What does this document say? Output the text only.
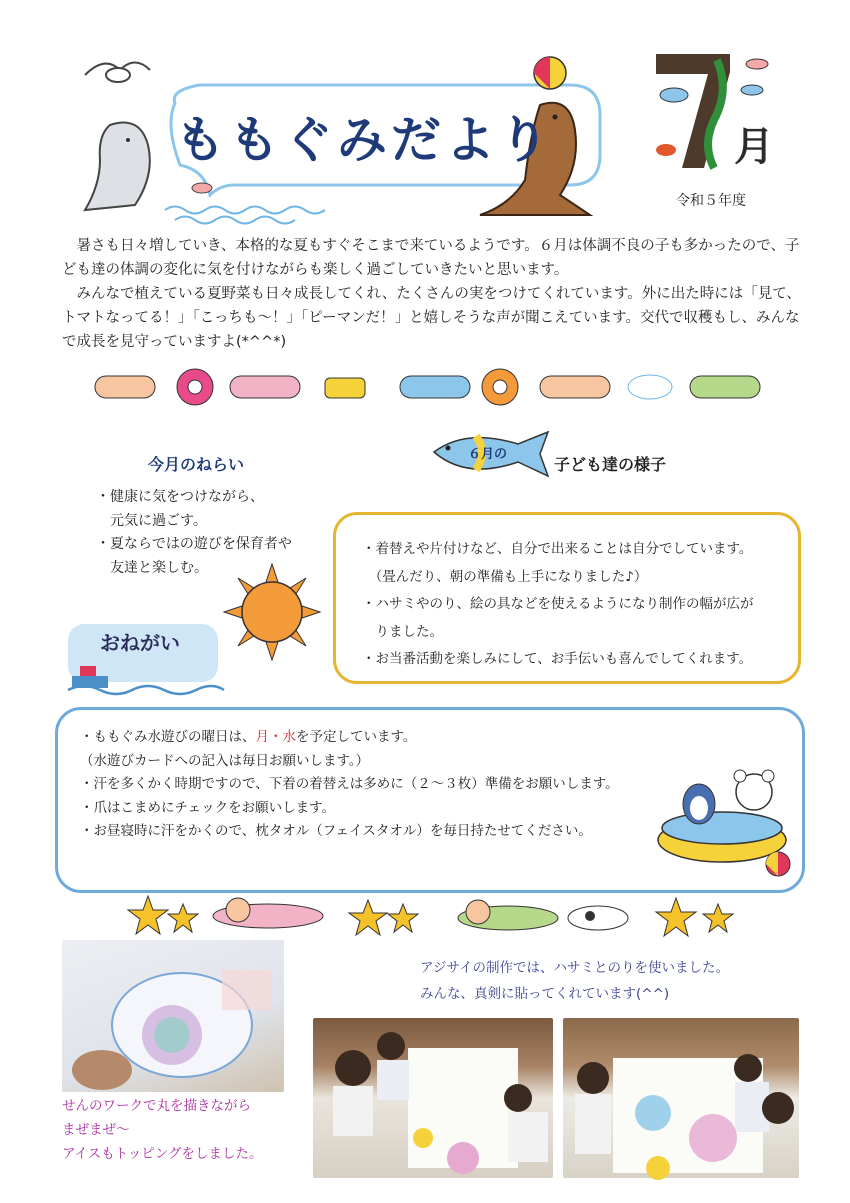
ももぐみだより
7
月
令和５年度

暑さも日々増していき、本格的な夏もすぐそこまで来ているようです。６月は体調不良の子も多かったので、子ども達の体調の変化に気を付けながらも楽しく過ごしていきたいと思います。

みんなで植えている夏野菜も日々成長してくれ、たくさんの実をつけてくれています。外に出た時には「見て、トマトなってる！」「こっちも～！」「ピーマンだ！」と嬉しそうな声が聞こえています。交代で収穫もし、みんなで成長を見守っていますよ(*^^*)

今月のねらい
・健康に気をつけながら、
　元気に過ごす。
・夏ならではの遊びを保育者や
　友達と楽しむ。
おねがい
６月の
子ども達の様子
・着替えや片付けなど、自分で出来ることは自分でしています。
　（畳んだり、朝の準備も上手になりました♪）
・ハサミやのり、絵の具などを使えるようになり制作の幅が広が
　りました。
・お当番活動を楽しみにして、お手伝いも喜んでしてくれます。
・ももぐみ水遊びの曜日は、月・水を予定しています。
（水遊びカードへの記入は毎日お願いします。）
・汗を多くかく時期ですので、下着の着替えは多めに（２～３枚）準備をお願いします。
・爪はこまめにチェックをお願いします。
・お昼寝時に汗をかくので、枕タオル（フェイスタオル）を毎日持たせてください。
せんのワークで丸を描きながら
まぜまぜ～
アイスもトッピングをしました。
アジサイの制作では、ハサミとのりを使いました。
みんな、真剣に貼ってくれています(^^)
